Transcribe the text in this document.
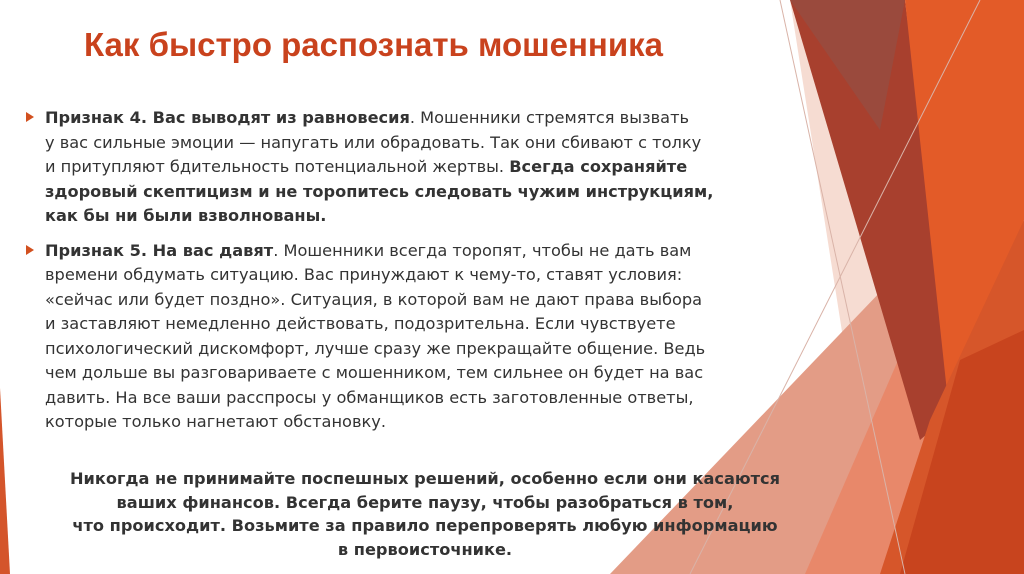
Как быстро распознать мошенника
Признак 4. Вас выводят из равновесия. Мошенники стремятся вызвать
у вас сильные эмоции — напугать или обрадовать. Так они сбивают с толку
и притупляют бдительность потенциальной жертвы. Всегда сохраняйте
здоровый скептицизм и не торопитесь следовать чужим инструкциям,
как бы ни были взволнованы.
Признак 5. На вас давят. Мошенники всегда торопят, чтобы не дать вам
времени обдумать ситуацию. Вас принуждают к чему-то, ставят условия:
«сейчас или будет поздно». Ситуация, в которой вам не дают права выбора
и заставляют немедленно действовать, подозрительна. Если чувствуете
психологический дискомфорт, лучше сразу же прекращайте общение. Ведь
чем дольше вы разговариваете с мошенником, тем сильнее он будет на вас
давить. На все ваши расспросы у обманщиков есть заготовленные ответы,
которые только нагнетают обстановку.
Никогда не принимайте поспешных решений, особенно если они касаются
ваших финансов. Всегда берите паузу, чтобы разобраться в том,
что происходит. Возьмите за правило перепроверять любую информацию
в первоисточнике.
